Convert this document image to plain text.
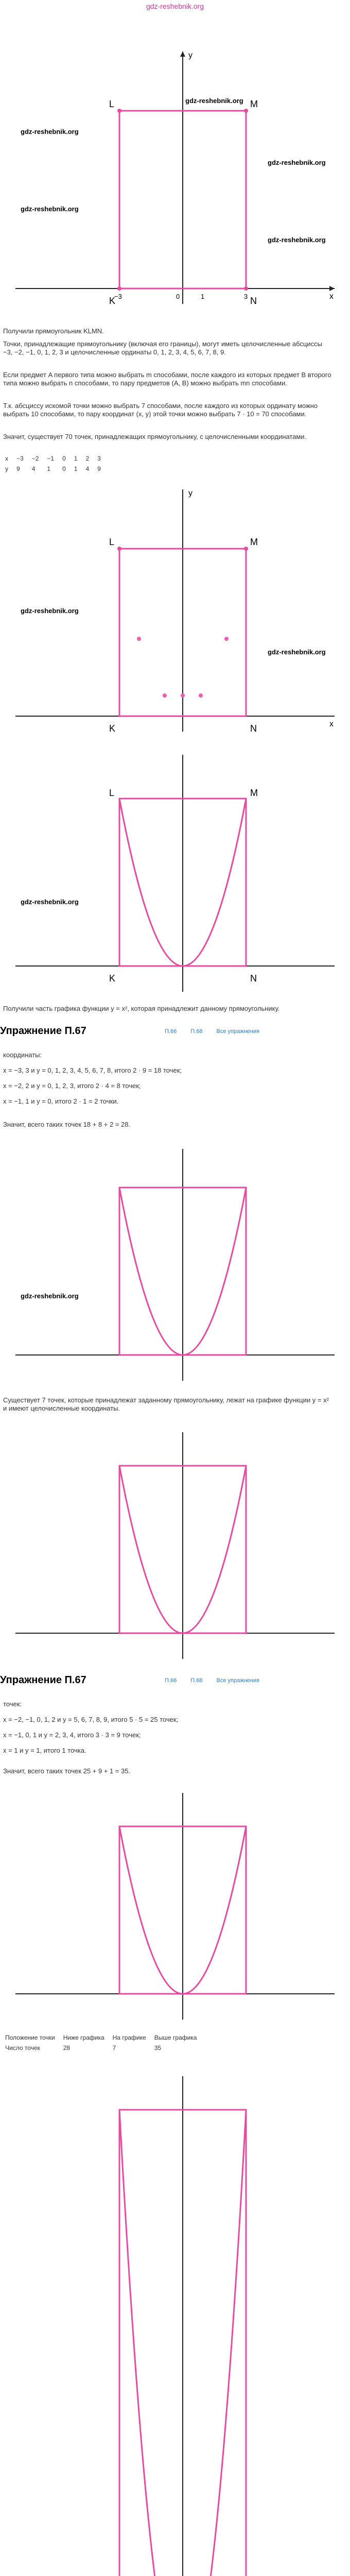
gdz-reshebnik.org
L	M
K	N
y
x
−3	0	1	3
gdz-reshebnik.org
gdz-reshebnik.org
gdz-reshebnik.org
gdz-reshebnik.org
gdz-reshebnik.org
Получили прямоугольник KLMN.
Точки, принадлежащие прямоугольнику (включая его границы), могут иметь целочисленные абсциссы −3, −2, −1, 0, 1, 2, 3 и целочисленные ординаты 0, 1, 2, 3, 4, 5, 6, 7, 8, 9.
Если предмет A первого типа можно выбрать m способами, после каждого из которых предмет B второго типа можно выбрать n способами, то пару предметов (A, B) можно выбрать mn способами.
Т.к. абсциссу искомой точки можно выбрать 7 способами, после каждого из которых ординату можно выбрать 10 способами, то пару координат (x, y) этой точки можно выбрать 7 · 10 = 70 способами.
Значит, существует 70 точек, принадлежащих прямоугольнику, с целочисленными координатами.
x	−3	−2	−1	0	1	2	3
y	9	4	1	0	1	4	9
L	M
K	N
y
x
gdz-reshebnik.org
gdz-reshebnik.org
L	M
K	N
gdz-reshebnik.org
Получили часть графика функции y = x², которая принадлежит данному прямоугольнику.
Упражнение П.67	П.66 П.68 Все упражнения
координаты:
x = −3, 3 и y = 0, 1, 2, 3, 4, 5, 6, 7, 8, итого 2 · 9 = 18 точек;
x = −2, 2 и y = 0, 1, 2, 3, итого 2 · 4 = 8 точек;
x = −1, 1 и y = 0, итого 2 · 1 = 2 точки.
Значит, всего таких точек 18 + 8 + 2 = 28.
gdz-reshebnik.org
Существует 7 точек, которые принадлежат заданному прямоугольнику, лежат на графике функции y = x² и имеют целочисленные координаты.
Упражнение П.67	П.66 П.68 Все упражнения
точек:
x = −2, −1, 0, 1, 2 и y = 5, 6, 7, 8, 9, итого 5 · 5 = 25 точек;
x = −1, 0, 1 и y = 2, 3, 4, итого 3 · 3 = 9 точек;
x = 1 и y = 1, итого 1 точка.
Значит, всего таких точек 25 + 9 + 1 = 35.
Положение точки	Ниже графика	На графике	Выше графика
Число точек	28	7	35
